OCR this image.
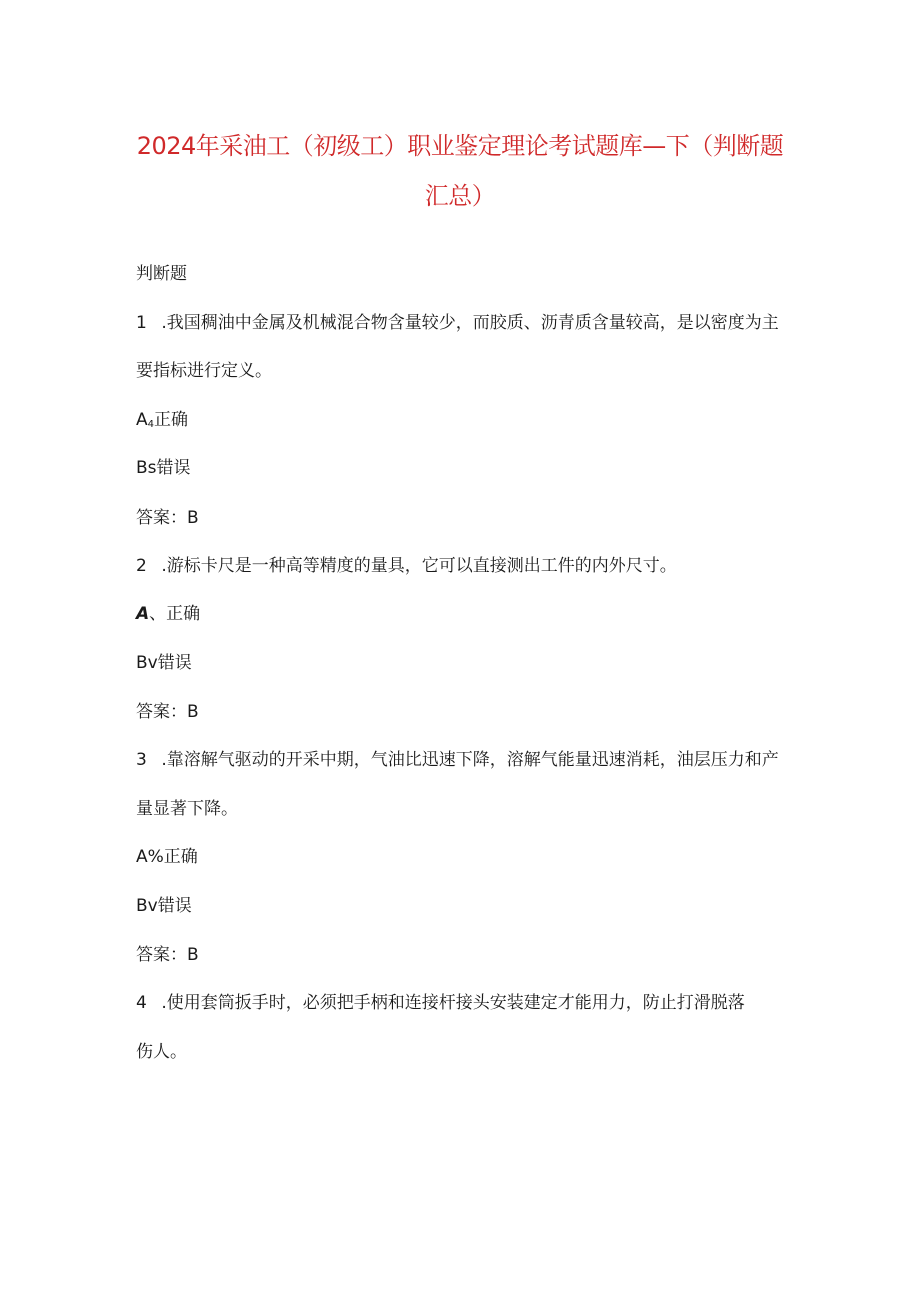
2024年采油工（初级工）职业鉴定理论考试题库—下（判断题
汇总）
判断题
1 .我国稠油中金属及机械混合物含量较少，而胶质、沥青质含量较高，是以密度为主
要指标进行定义。
$A_4$正确
Bs错误
答案：B
2 .游标卡尺是一种高等精度的量具，它可以直接测出工件的内外尺寸。
A、正确
Bv错误
答案：B
3 .靠溶解气驱动的开采中期，气油比迅速下降，溶解气能量迅速消耗，油层压力和产
量显著下降。
A%正确
Bv错误
答案：B
4 .使用套筒扳手时，必须把手柄和连接杆接头安装建定才能用力，防止打滑脱落
伤人。
